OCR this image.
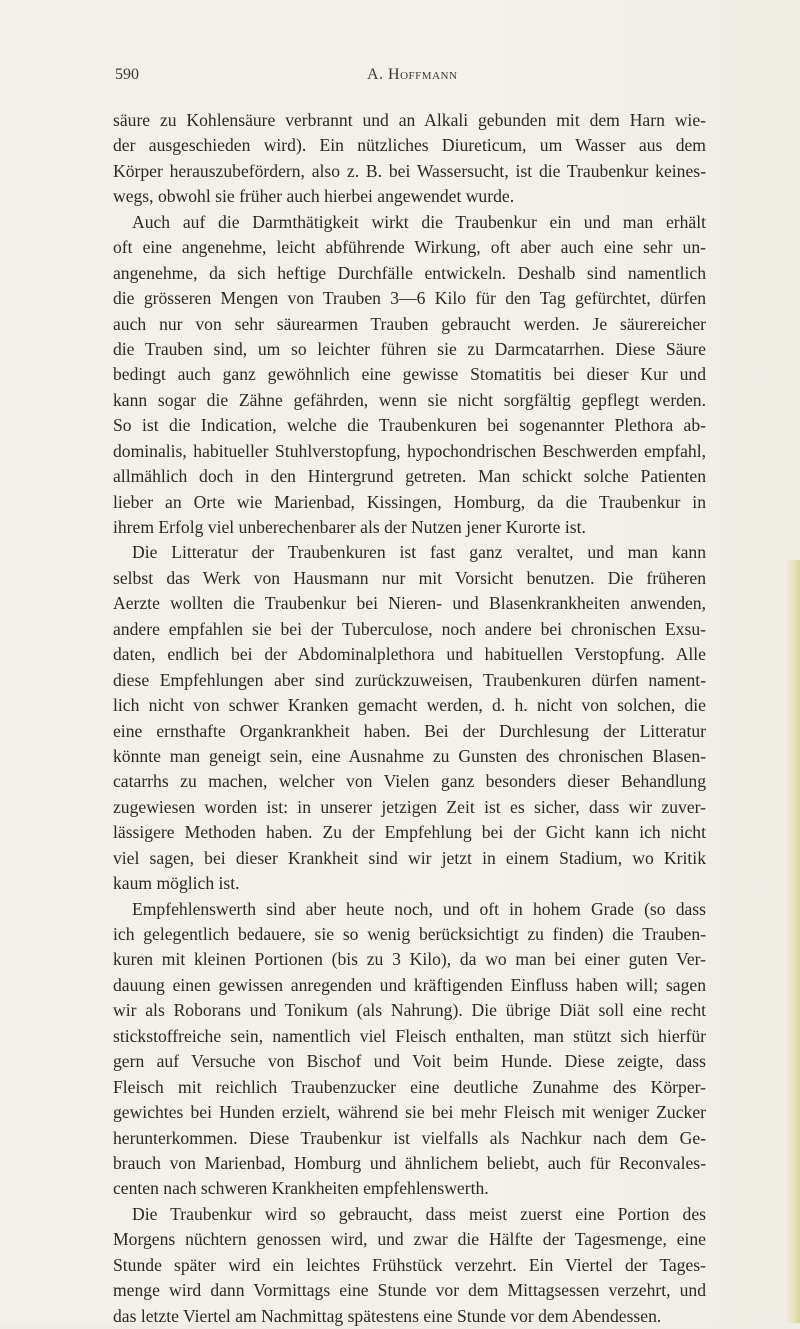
590	A. Hoffmann
säure zu Kohlensäure verbrannt und an Alkali gebunden mit dem Harn wie-
der ausgeschieden wird). Ein nützliches Diureticum, um Wasser aus dem
Körper herauszubefördern, also z. B. bei Wassersucht, ist die Traubenkur keines-
wegs, obwohl sie früher auch hierbei angewendet wurde.
Auch auf die Darmthätigkeit wirkt die Traubenkur ein und man erhält
oft eine angenehme, leicht abführende Wirkung, oft aber auch eine sehr un-
angenehme, da sich heftige Durchfälle entwickeln. Deshalb sind namentlich
die grösseren Mengen von Trauben 3—6 Kilo für den Tag gefürchtet, dürfen
auch nur von sehr säurearmen Trauben gebraucht werden. Je säurereicher
die Trauben sind, um so leichter führen sie zu Darmcatarrhen. Diese Säure
bedingt auch ganz gewöhnlich eine gewisse Stomatitis bei dieser Kur und
kann sogar die Zähne gefährden, wenn sie nicht sorgfältig gepflegt werden.
So ist die Indication, welche die Traubenkuren bei sogenannter Plethora ab-
dominalis, habitueller Stuhlverstopfung, hypochondrischen Beschwerden empfahl,
allmählich doch in den Hintergrund getreten. Man schickt solche Patienten
lieber an Orte wie Marienbad, Kissingen, Homburg, da die Traubenkur in
ihrem Erfolg viel unberechenbarer als der Nutzen jener Kurorte ist.
Die Litteratur der Traubenkuren ist fast ganz veraltet, und man kann
selbst das Werk von Hausmann nur mit Vorsicht benutzen. Die früheren
Aerzte wollten die Traubenkur bei Nieren- und Blasenkrankheiten anwenden,
andere empfahlen sie bei der Tuberculose, noch andere bei chronischen Exsu-
daten, endlich bei der Abdominalplethora und habituellen Verstopfung. Alle
diese Empfehlungen aber sind zurückzuweisen, Traubenkuren dürfen nament-
lich nicht von schwer Kranken gemacht werden, d. h. nicht von solchen, die
eine ernsthafte Organkrankheit haben. Bei der Durchlesung der Litteratur
könnte man geneigt sein, eine Ausnahme zu Gunsten des chronischen Blasen-
catarrhs zu machen, welcher von Vielen ganz besonders dieser Behandlung
zugewiesen worden ist: in unserer jetzigen Zeit ist es sicher, dass wir zuver-
lässigere Methoden haben. Zu der Empfehlung bei der Gicht kann ich nicht
viel sagen, bei dieser Krankheit sind wir jetzt in einem Stadium, wo Kritik
kaum möglich ist.
Empfehlenswerth sind aber heute noch, und oft in hohem Grade (so dass
ich gelegentlich bedauere, sie so wenig berücksichtigt zu finden) die Trauben-
kuren mit kleinen Portionen (bis zu 3 Kilo), da wo man bei einer guten Ver-
dauung einen gewissen anregenden und kräftigenden Einfluss haben will; sagen
wir als Roborans und Tonikum (als Nahrung). Die übrige Diät soll eine recht
stickstoffreiche sein, namentlich viel Fleisch enthalten, man stützt sich hierfür
gern auf Versuche von Bischof und Voit beim Hunde. Diese zeigte, dass
Fleisch mit reichlich Traubenzucker eine deutliche Zunahme des Körper-
gewichtes bei Hunden erzielt, während sie bei mehr Fleisch mit weniger Zucker
herunterkommen. Diese Traubenkur ist vielfalls als Nachkur nach dem Ge-
brauch von Marienbad, Homburg und ähnlichem beliebt, auch für Reconvales-
centen nach schweren Krankheiten empfehlenswerth.
Die Traubenkur wird so gebraucht, dass meist zuerst eine Portion des
Morgens nüchtern genossen wird, und zwar die Hälfte der Tagesmenge, eine
Stunde später wird ein leichtes Frühstück verzehrt. Ein Viertel der Tages-
menge wird dann Vormittags eine Stunde vor dem Mittagsessen verzehrt, und
das letzte Viertel am Nachmittag spätestens eine Stunde vor dem Abendessen.
